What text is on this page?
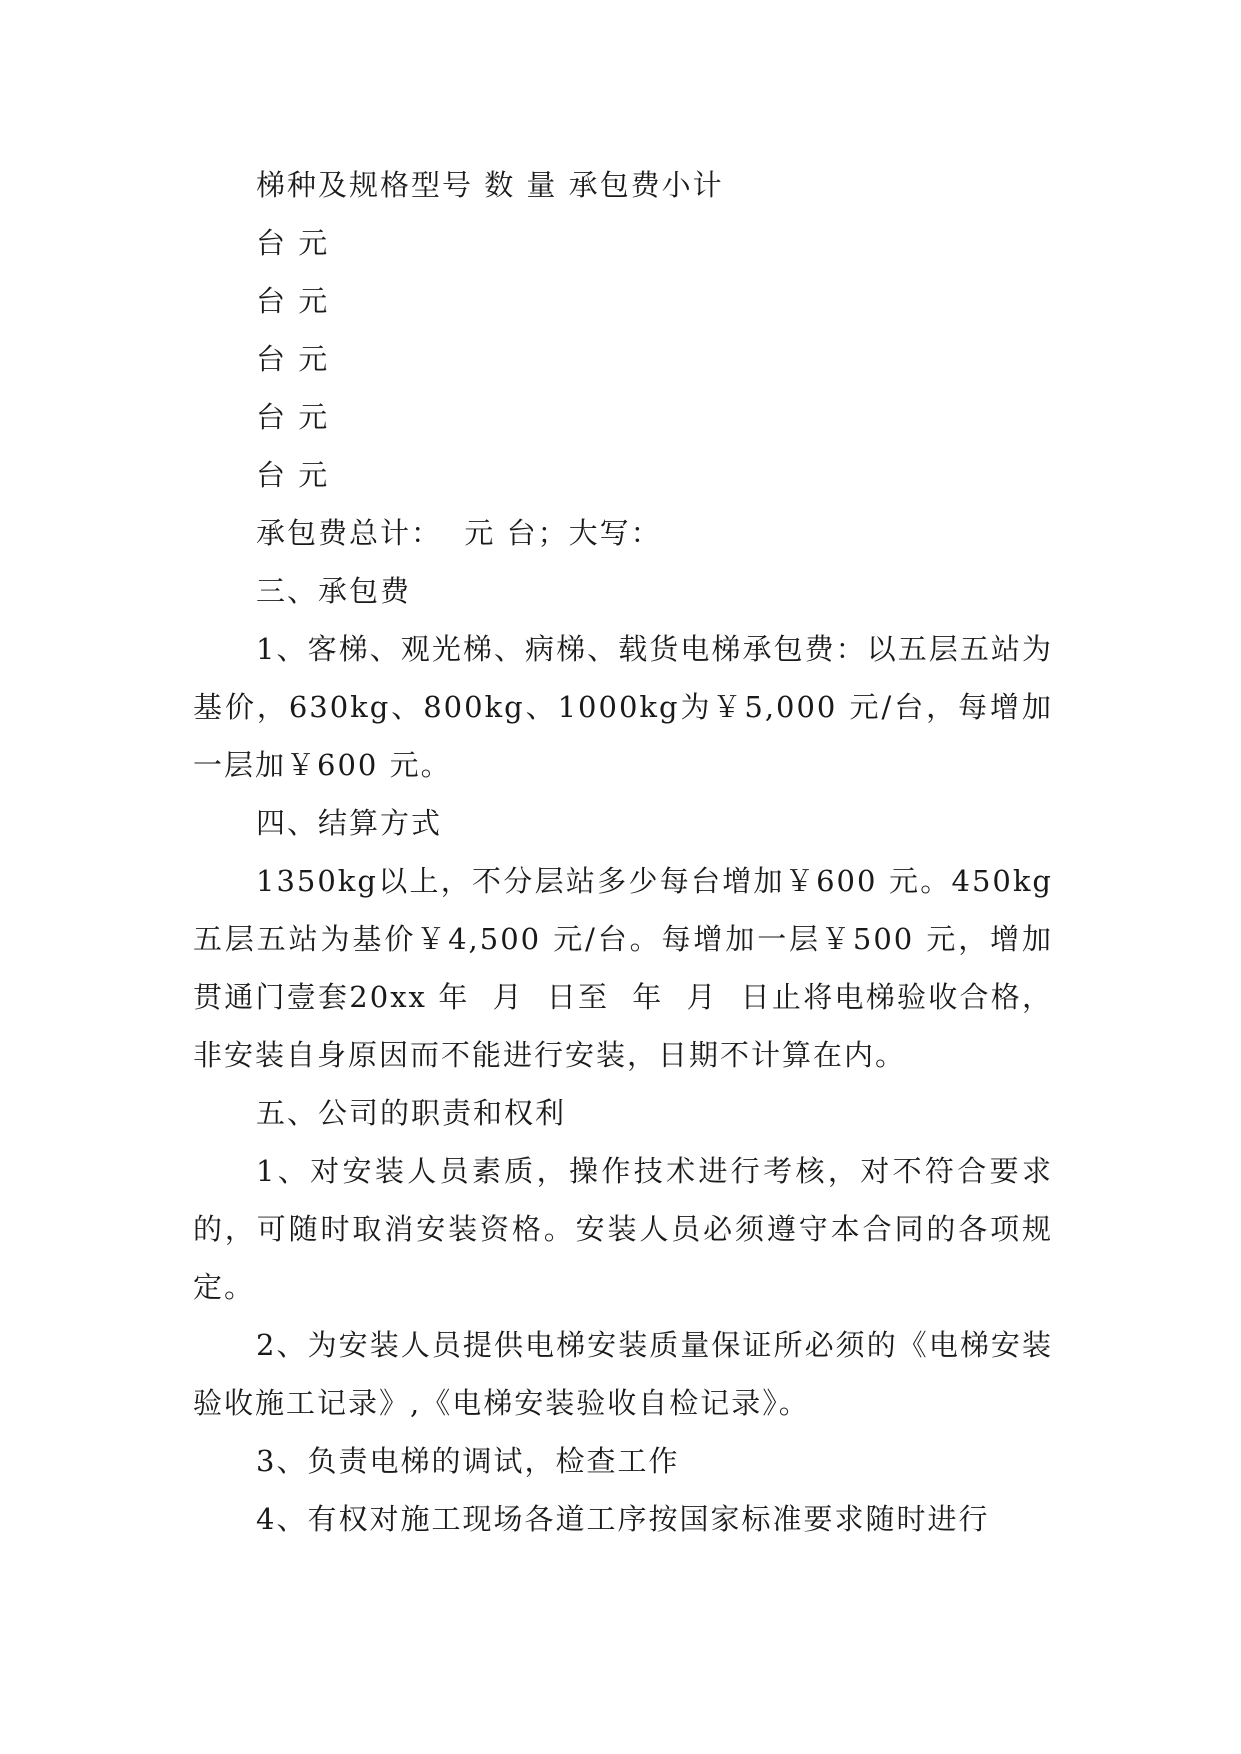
梯种及规格型号 数 量 承包费小计

台 元

台 元

台 元

台 元

台 元

承包费总计：  元 台；大写：

三、承包费

1、客梯、观光梯、病梯、载货电梯承包费：以五层五站为基价，630kg、800kg、1000kg为￥5,000 元/台，每增加一层加￥600 元。

四、结算方式

1350kg以上，不分层站多少每台增加￥600 元。450kg五层五站为基价￥4,500 元/台。每增加一层￥500 元，增加贯通门壹套20xx 年  月  日至  年  月  日止将电梯验收合格，非安装自身原因而不能进行安装，日期不计算在内。

五、公司的职责和权利

1、对安装人员素质，操作技术进行考核，对不符合要求的，可随时取消安装资格。安装人员必须遵守本合同的各项规定。

2、为安装人员提供电梯安装质量保证所必须的《电梯安装验收施工记录》,《电梯安装验收自检记录》。

3、负责电梯的调试，检查工作

4、有权对施工现场各道工序按国家标准要求随时进行
